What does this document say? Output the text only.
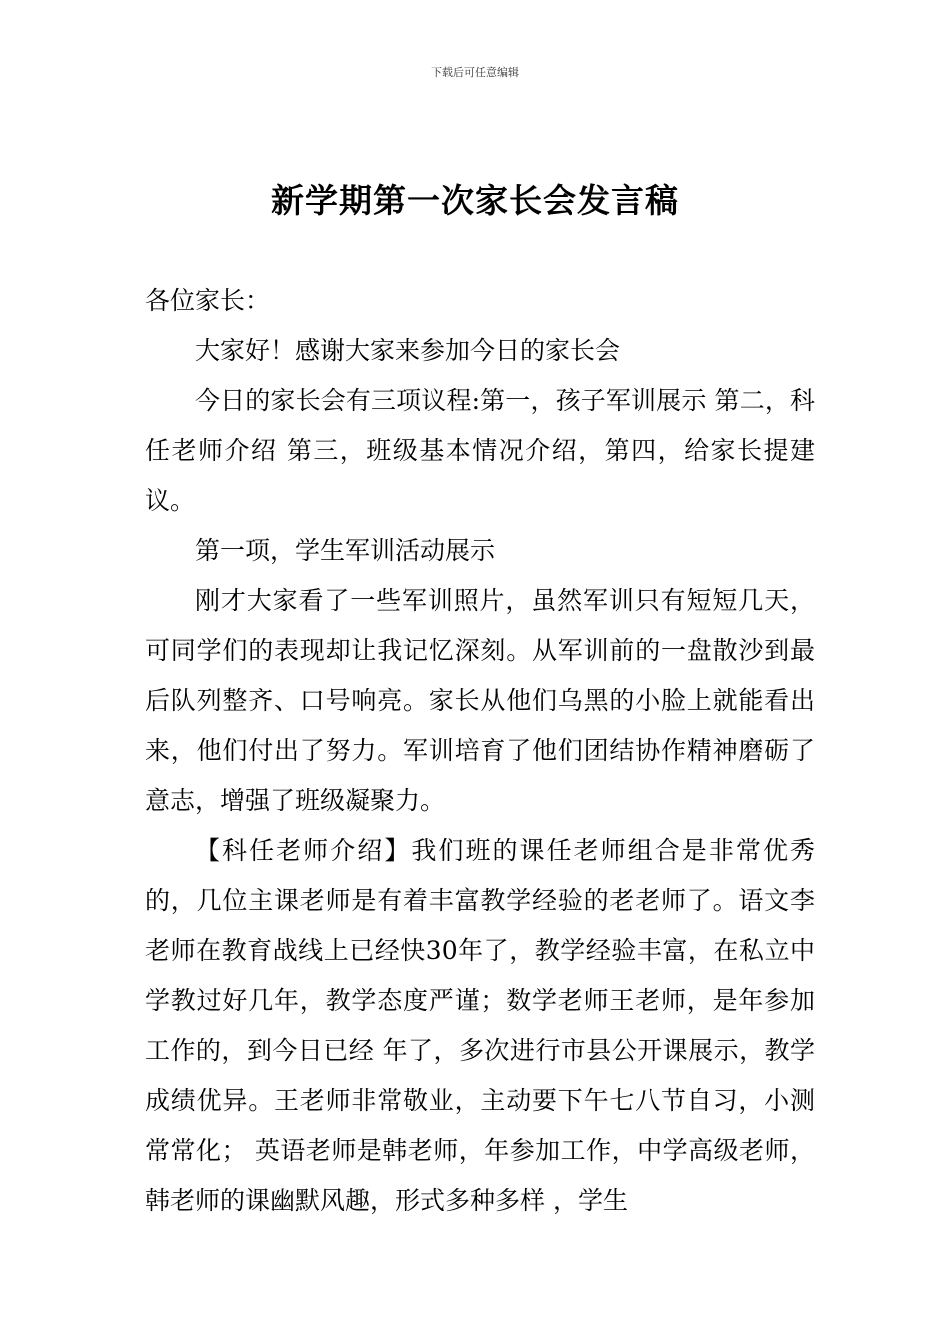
下载后可任意编辑
新学期第一次家长会发言稿

各位家长：

大家好！感谢大家来参加今日的家长会

今日的家长会有三项议程:第一，孩子军训展示 第二，科任老师介绍 第三，班级基本情况介绍，第四，给家长提建议。

第一项，学生军训活动展示

刚才大家看了一些军训照片，虽然军训只有短短几天，可同学们的表现却让我记忆深刻。从军训前的一盘散沙到最后队列整齐、口号响亮。家长从他们乌黑的小脸上就能看出来，他们付出了努力。军训培育了他们团结协作精神磨砺了意志，增强了班级凝聚力。

【科任老师介绍】我们班的课任老师组合是非常优秀的，几位主课老师是有着丰富教学经验的老老师了。语文李老师在教育战线上已经快30年了，教学经验丰富，在私立中学教过好几年，教学态度严谨；数学老师王老师，是年参加工作的，到今日已经 年了，多次进行市县公开课展示，教学成绩优异。王老师非常敬业，主动要下午七八节自习，小测常常化； 英语老师是韩老师，年参加工作，中学高级老师，韩老师的课幽默风趣，形式多种多样 ，学生
